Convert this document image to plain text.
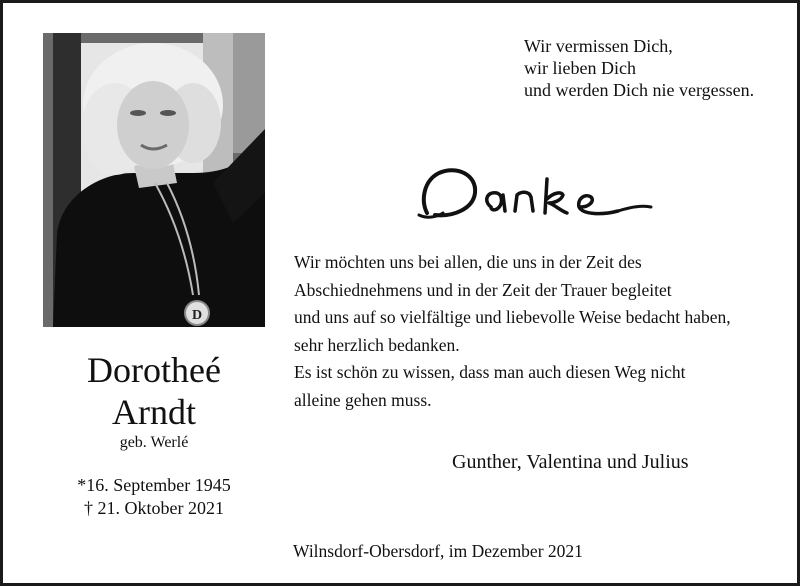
D
Dorotheé
Arndt
geb. Werlé
*16. September 1945
† 21. Oktober 2021
Wir vermissen Dich,
wir lieben Dich
und werden Dich nie vergessen.
Wir möchten uns bei allen, die uns in der Zeit des
Abschiednehmens und in der Zeit der Trauer begleitet
und uns auf so vielfältige und liebevolle Weise bedacht haben,
sehr herzlich bedanken.
Es ist schön zu wissen, dass man auch diesen Weg nicht
alleine gehen muss.
Gunther, Valentina und Julius
Wilnsdorf-Obersdorf, im Dezember 2021
